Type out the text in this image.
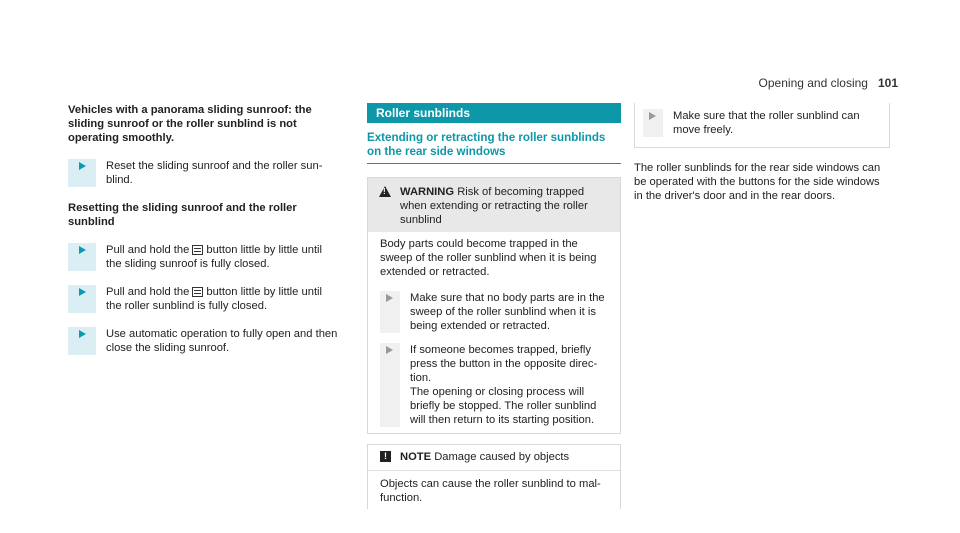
Opening and closing 101

Vehicles with a panorama sliding sunroof: the sliding sunroof or the roller sunblind is not operating smoothly.

Reset the sliding sunroof and the roller sun-blind.

Resetting the sliding sunroof and the roller sunblind

Pull and hold the button little by little until the sliding sunroof is fully closed.
Pull and hold the button little by little until the roller sunblind is fully closed.
Use automatic operation to fully open and then close the sliding sunroof.
Roller sunblinds
Extending or retracting the roller sunblinds on the rear side windows
!
WARNING Risk of becoming trapped when extending or retracting the roller sunblind
Body parts could become trapped in the sweep of the roller sunblind when it is being extended or retracted.
Make sure that no body parts are in the sweep of the roller sunblind when it is being extended or retracted.
If someone becomes trapped, briefly press the button in the opposite direc-tion.
The opening or closing process will briefly be stopped. The roller sunblind will then return to its starting position.
!	NOTE Damage caused by objects
Objects can cause the roller sunblind to mal-function.
Make sure that the roller sunblind can move freely.
The roller sunblinds for the rear side windows can be operated with the buttons for the side windows in the driver's door and in the rear doors.
